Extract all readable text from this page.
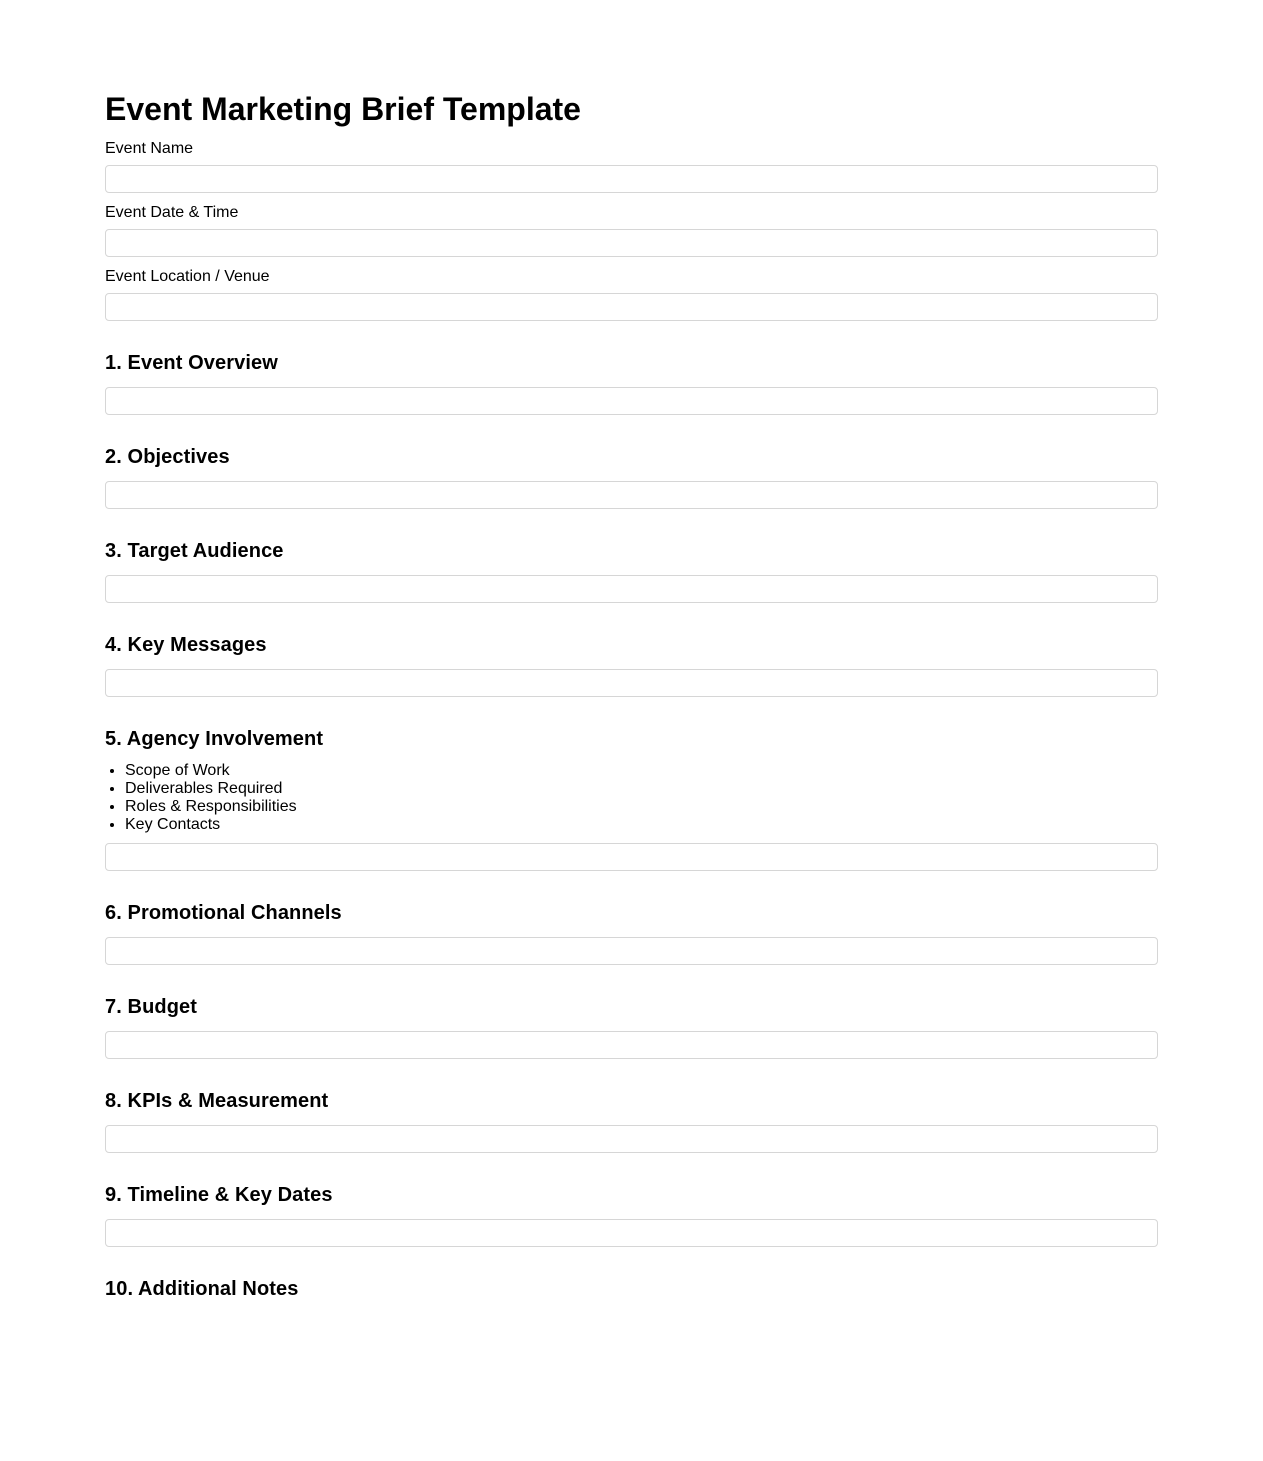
Event Marketing Brief Template
Event Name
Event Date & Time
Event Location / Venue
1. Event Overview
2. Objectives
3. Target Audience
4. Key Messages
5. Agency Involvement
• Scope of Work
• Deliverables Required
• Roles & Responsibilities
• Key Contacts
6. Promotional Channels
7. Budget
8. KPIs & Measurement
9. Timeline & Key Dates
10. Additional Notes
